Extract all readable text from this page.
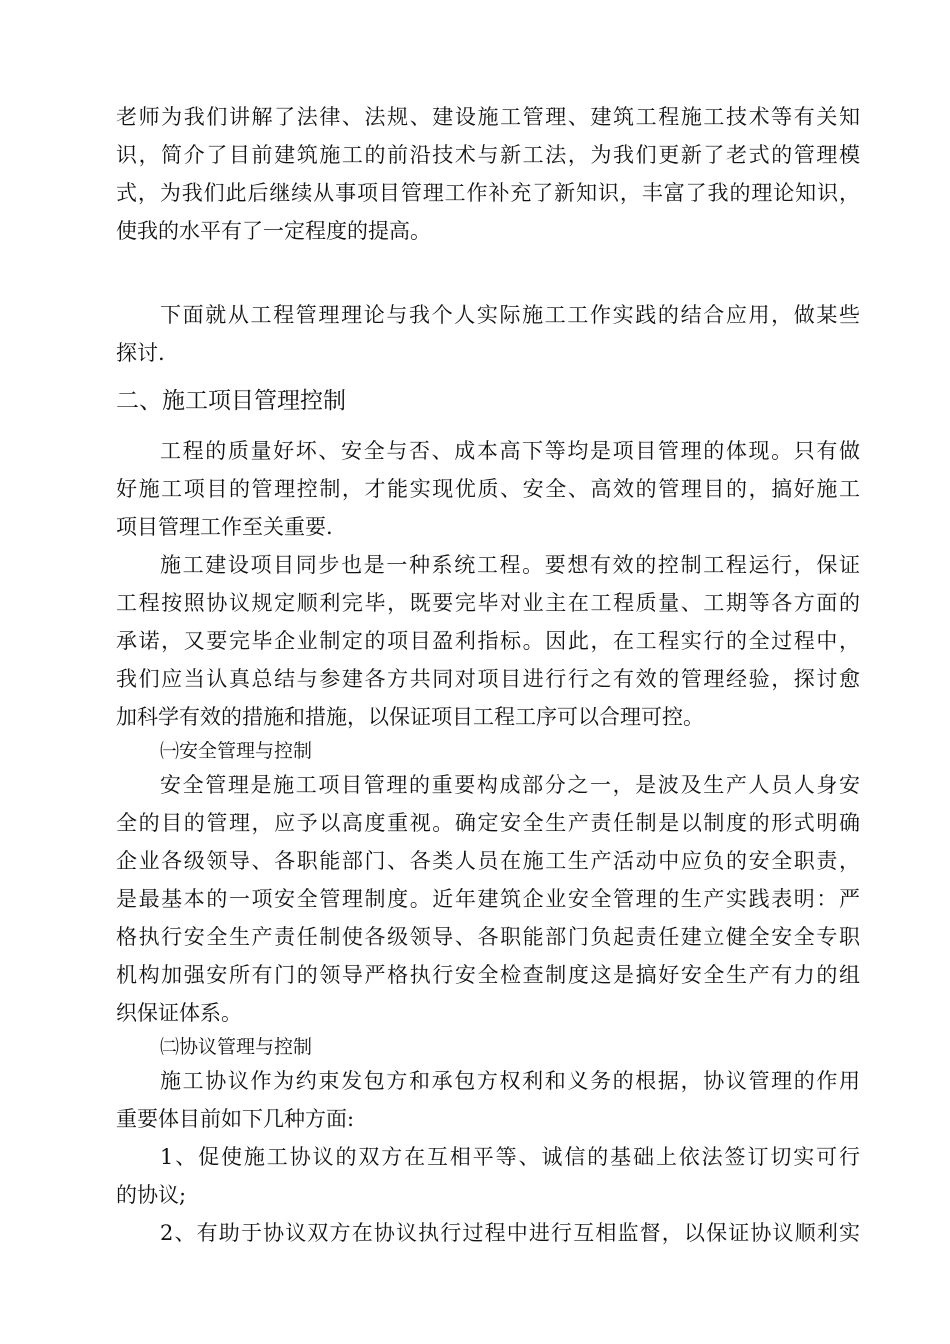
老师为我们讲解了法律、法规、建设施工管理、建筑工程施工技术等有关知
识，简介了目前建筑施工的前沿技术与新工法，为我们更新了老式的管理模
式，为我们此后继续从事项目管理工作补充了新知识，丰富了我的理论知识，
使我的水平有了一定程度的提高。
下面就从工程管理理论与我个人实际施工工作实践的结合应用，做某些
探讨.
二、施工项目管理控制
工程的质量好坏、安全与否、成本高下等均是项目管理的体现。只有做
好施工项目的管理控制，才能实现优质、安全、高效的管理目的，搞好施工
项目管理工作至关重要.
施工建设项目同步也是一种系统工程。要想有效的控制工程运行，保证
工程按照协议规定顺利完毕，既要完毕对业主在工程质量、工期等各方面的
承诺，又要完毕企业制定的项目盈利指标。因此，在工程实行的全过程中，
我们应当认真总结与参建各方共同对项目进行行之有效的管理经验，探讨愈
加科学有效的措施和措施，以保证项目工程工序可以合理可控。
㈠安全管理与控制
安全管理是施工项目管理的重要构成部分之一，是波及生产人员人身安
全的目的管理，应予以高度重视。确定安全生产责任制是以制度的形式明确
企业各级领导、各职能部门、各类人员在施工生产活动中应负的安全职责，
是最基本的一项安全管理制度。近年建筑企业安全管理的生产实践表明：严
格执行安全生产责任制使各级领导、各职能部门负起责任建立健全安全专职
机构加强安所有门的领导严格执行安全检查制度这是搞好安全生产有力的组
织保证体系。
㈡协议管理与控制
施工协议作为约束发包方和承包方权利和义务的根据，协议管理的作用
重要体目前如下几种方面:
1、促使施工协议的双方在互相平等、诚信的基础上依法签订切实可行
的协议;
2、有助于协议双方在协议执行过程中进行互相监督，以保证协议顺利实
